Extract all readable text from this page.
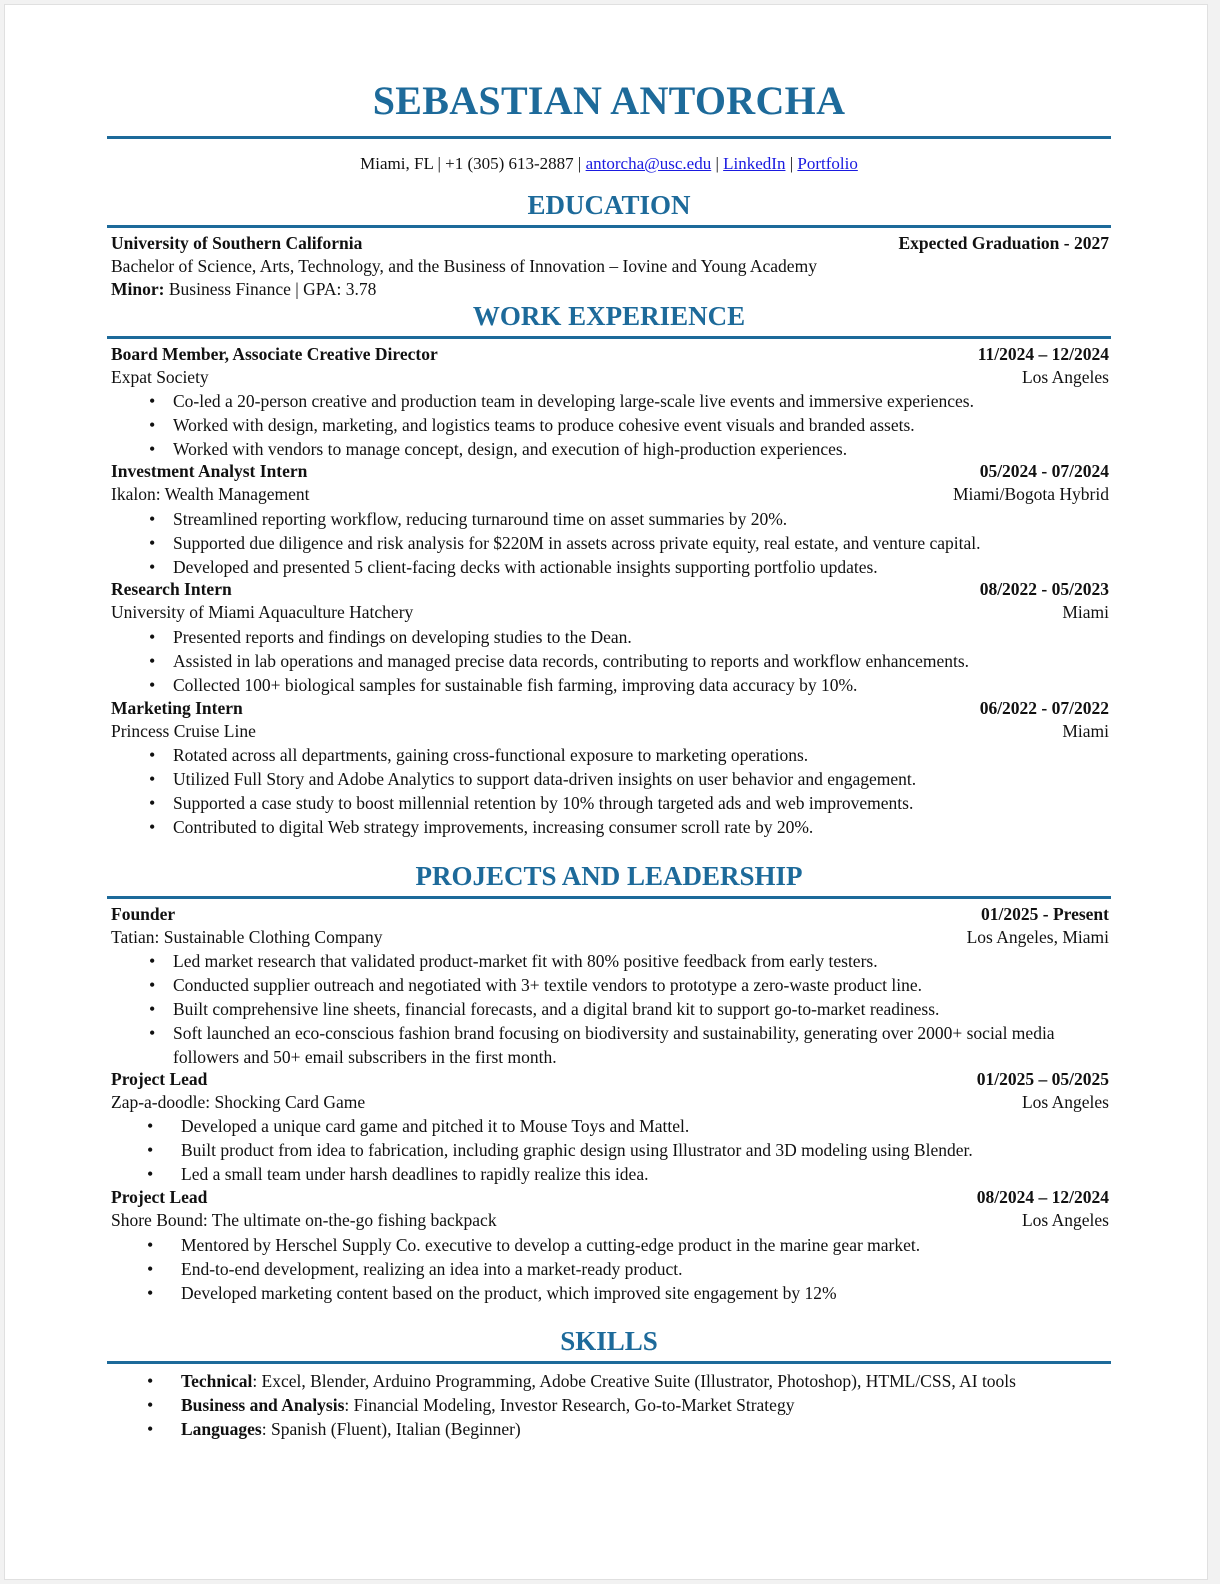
SEBASTIAN ANTORCHA
Miami, FL | +1 (305) 613-2887 | antorcha@usc.edu | LinkedIn | Portfolio
EDUCATION
University of Southern California	Expected Graduation - 2027
Bachelor of Science, Arts, Technology, and the Business of Innovation – Iovine and Young Academy
Minor: Business Finance | GPA: 3.78
WORK EXPERIENCE
Board Member, Associate Creative Director	11/2024 – 12/2024
Expat Society	Los Angeles
• Co-led a 20-person creative and production team in developing large-scale live events and immersive experiences.
• Worked with design, marketing, and logistics teams to produce cohesive event visuals and branded assets.
• Worked with vendors to manage concept, design, and execution of high-production experiences.
Investment Analyst Intern	05/2024 - 07/2024
Ikalon: Wealth Management	Miami/Bogota Hybrid
• Streamlined reporting workflow, reducing turnaround time on asset summaries by 20%.
• Supported due diligence and risk analysis for $220M in assets across private equity, real estate, and venture capital.
• Developed and presented 5 client-facing decks with actionable insights supporting portfolio updates.
Research Intern	08/2022 - 05/2023
University of Miami Aquaculture Hatchery	Miami
• Presented reports and findings on developing studies to the Dean.
• Assisted in lab operations and managed precise data records, contributing to reports and workflow enhancements.
• Collected 100+ biological samples for sustainable fish farming, improving data accuracy by 10%.
Marketing Intern	06/2022 - 07/2022
Princess Cruise Line	Miami
• Rotated across all departments, gaining cross-functional exposure to marketing operations.
• Utilized Full Story and Adobe Analytics to support data-driven insights on user behavior and engagement.
• Supported a case study to boost millennial retention by 10% through targeted ads and web improvements.
• Contributed to digital Web strategy improvements, increasing consumer scroll rate by 20%.
PROJECTS AND LEADERSHIP
Founder	01/2025 - Present
Tatian: Sustainable Clothing Company	Los Angeles, Miami
• Led market research that validated product-market fit with 80% positive feedback from early testers.
• Conducted supplier outreach and negotiated with 3+ textile vendors to prototype a zero-waste product line.
• Built comprehensive line sheets, financial forecasts, and a digital brand kit to support go-to-market readiness.
• Soft launched an eco-conscious fashion brand focusing on biodiversity and sustainability, generating over 2000+ social media followers and 50+ email subscribers in the first month.
Project Lead	01/2025 – 05/2025
Zap-a-doodle: Shocking Card Game	Los Angeles
• Developed a unique card game and pitched it to Mouse Toys and Mattel.
• Built product from idea to fabrication, including graphic design using Illustrator and 3D modeling using Blender.
• Led a small team under harsh deadlines to rapidly realize this idea.
Project Lead	08/2024 – 12/2024
Shore Bound: The ultimate on-the-go fishing backpack	Los Angeles
• Mentored by Herschel Supply Co. executive to develop a cutting-edge product in the marine gear market.
• End-to-end development, realizing an idea into a market-ready product.
• Developed marketing content based on the product, which improved site engagement by 12%
SKILLS
• Technical: Excel, Blender, Arduino Programming, Adobe Creative Suite (Illustrator, Photoshop), HTML/CSS, AI tools
• Business and Analysis: Financial Modeling, Investor Research, Go-to-Market Strategy
• Languages: Spanish (Fluent), Italian (Beginner)
